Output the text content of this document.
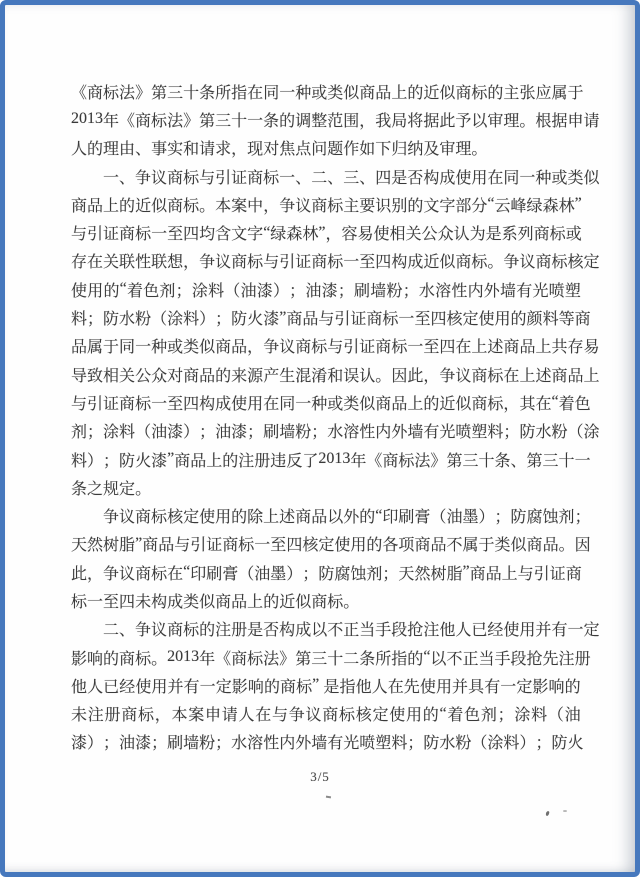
《 商 标 法 》 第 三 十 条 所 指 在 同 一 种 或 类 似 商 品 上 的 近 似 商 标 的 主 张 应 属 于
2013 年 《 商 标 法 》 第 三 十 一 条 的 调 整 范 围 ， 我 局 将 据 此 予 以 审 理 。 根 据 申 请
人 的 理 由 、 事 实 和 请 求 ， 现 对 焦 点 问 题 作 如 下 归 纳 及 审 理 。
一 、 争 议 商 标 与 引 证 商 标 一 、 二 、 三 、 四 是 否 构 成 使 用 在 同 一 种 或 类 似
商 品 上 的 近 似 商 标 。 本 案 中 ， 争 议 商 标 主 要 识 别 的 文 字 部 分 “ 云 峰 绿 森 林 ”
与 引 证 商 标 一 至 四 均 含 文 字 “ 绿 森 林 ” ， 容 易 使 相 关 公 众 认 为 是 系 列 商 标 或
存 在 关 联 性 联 想 ， 争 议 商 标 与 引 证 商 标 一 至 四 构 成 近 似 商 标 。 争 议 商 标 核 定
使 用 的 “ 着 色 剂 ； 涂 料 （ 油 漆 ） ； 油 漆 ； 刷 墙 粉 ； 水 溶 性 内 外 墙 有 光 喷 塑
料 ； 防 水 粉 （ 涂 料 ） ； 防 火 漆 ” 商 品 与 引 证 商 标 一 至 四 核 定 使 用 的 颜 料 等 商
品 属 于 同 一 种 或 类 似 商 品 ， 争 议 商 标 与 引 证 商 标 一 至 四 在 上 述 商 品 上 共 存 易
导 致 相 关 公 众 对 商 品 的 来 源 产 生 混 淆 和 误 认 。 因 此 ， 争 议 商 标 在 上 述 商 品 上
与 引 证 商 标 一 至 四 构 成 使 用 在 同 一 种 或 类 似 商 品 上 的 近 似 商 标 ， 其 在 “ 着 色
剂 ； 涂 料 （ 油 漆 ） ； 油 漆 ； 刷 墙 粉 ； 水 溶 性 内 外 墙 有 光 喷 塑 料 ； 防 水 粉 （ 涂
料 ） ； 防 火 漆 ” 商 品 上 的 注 册 违 反 了 2013 年 《 商 标 法 》 第 三 十 条 、 第 三 十 一
条 之 规 定 。
争 议 商 标 核 定 使 用 的 除 上 述 商 品 以 外 的 “ 印 刷 膏 （ 油 墨 ） ； 防 腐 蚀 剂 ；
天 然 树 脂 ” 商 品 与 引 证 商 标 一 至 四 核 定 使 用 的 各 项 商 品 不 属 于 类 似 商 品 。 因
此 ， 争 议 商 标 在 “ 印 刷 膏 （ 油 墨 ） ； 防 腐 蚀 剂 ； 天 然 树 脂 ” 商 品 上 与 引 证 商
标 一 至 四 未 构 成 类 似 商 品 上 的 近 似 商 标 。
二 、 争 议 商 标 的 注 册 是 否 构 成 以 不 正 当 手 段 抢 注 他 人 已 经 使 用 并 有 一 定
影 响 的 商 标 。 2013 年 《 商 标 法 》 第 三 十 二 条 所 指 的 “ 以 不 正 当 手 段 抢 先 注 册
他 人 已 经 使 用 并 有 一 定 影 响 的 商 标 ”
是 指 他 人 在 先 使 用 并 具 有 一 定 影 响 的
未 注 册 商 标 ， 本 案 申 请 人 在 与 争 议 商 标 核 定 使 用 的 “ 着 色 剂 ； 涂 料 （ 油
漆 ） ； 油 漆 ； 刷 墙 粉 ； 水 溶 性 内 外 墙 有 光 喷 塑 料 ； 防 水 粉 （ 涂 料 ） ； 防 火
3/5
